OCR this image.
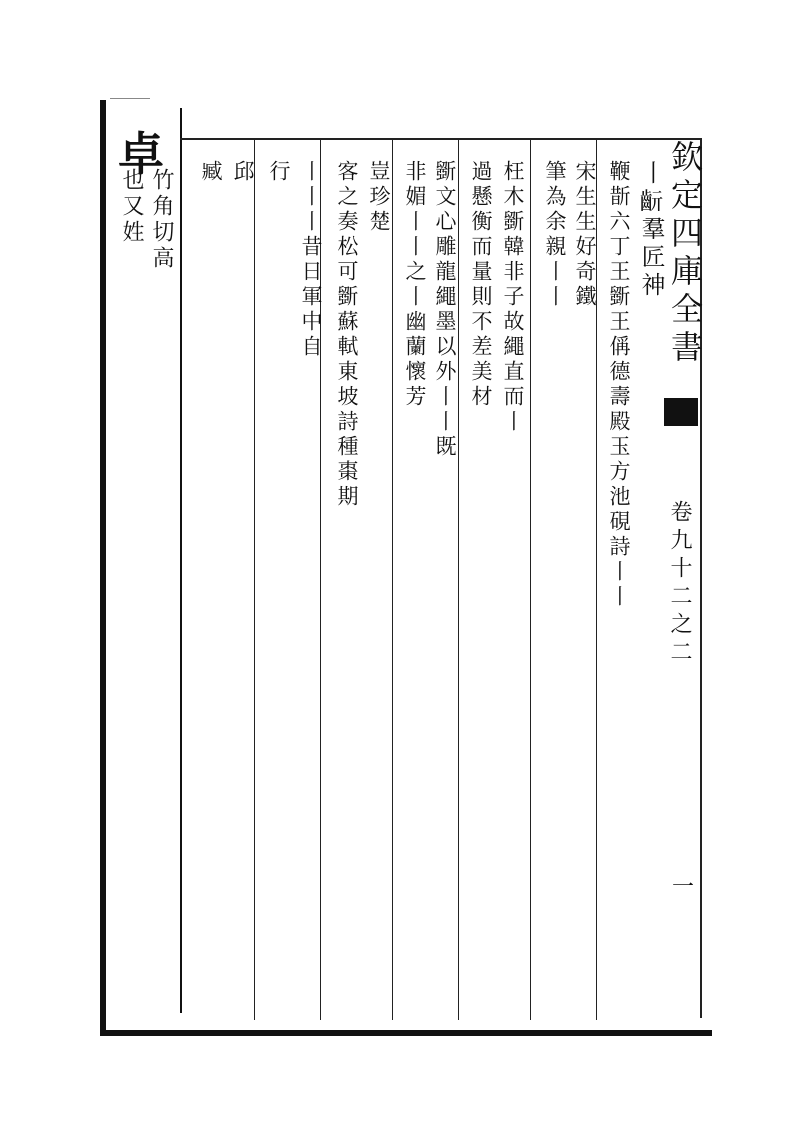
欽定四庫全書
卷九十二之二
一
卓
竹角切高
也又姓	丨𪗞羣匠神
鞭斮六丁王斵王偁德壽殿玉方池硯詩丨丨
宋生生好奇鐵
筆為余親丨丨
枉木斵韓非子故繩直而丨
過懸衡而量則不差美材
斵文心雕龍繩墨以外丨丨既
非媚丨丨之丨幽蘭懷芳
豈珍楚
客之奏松可斵蘇軾東坡詩種棗期
丨丨丨昔日軍中自
行
邱
臧
